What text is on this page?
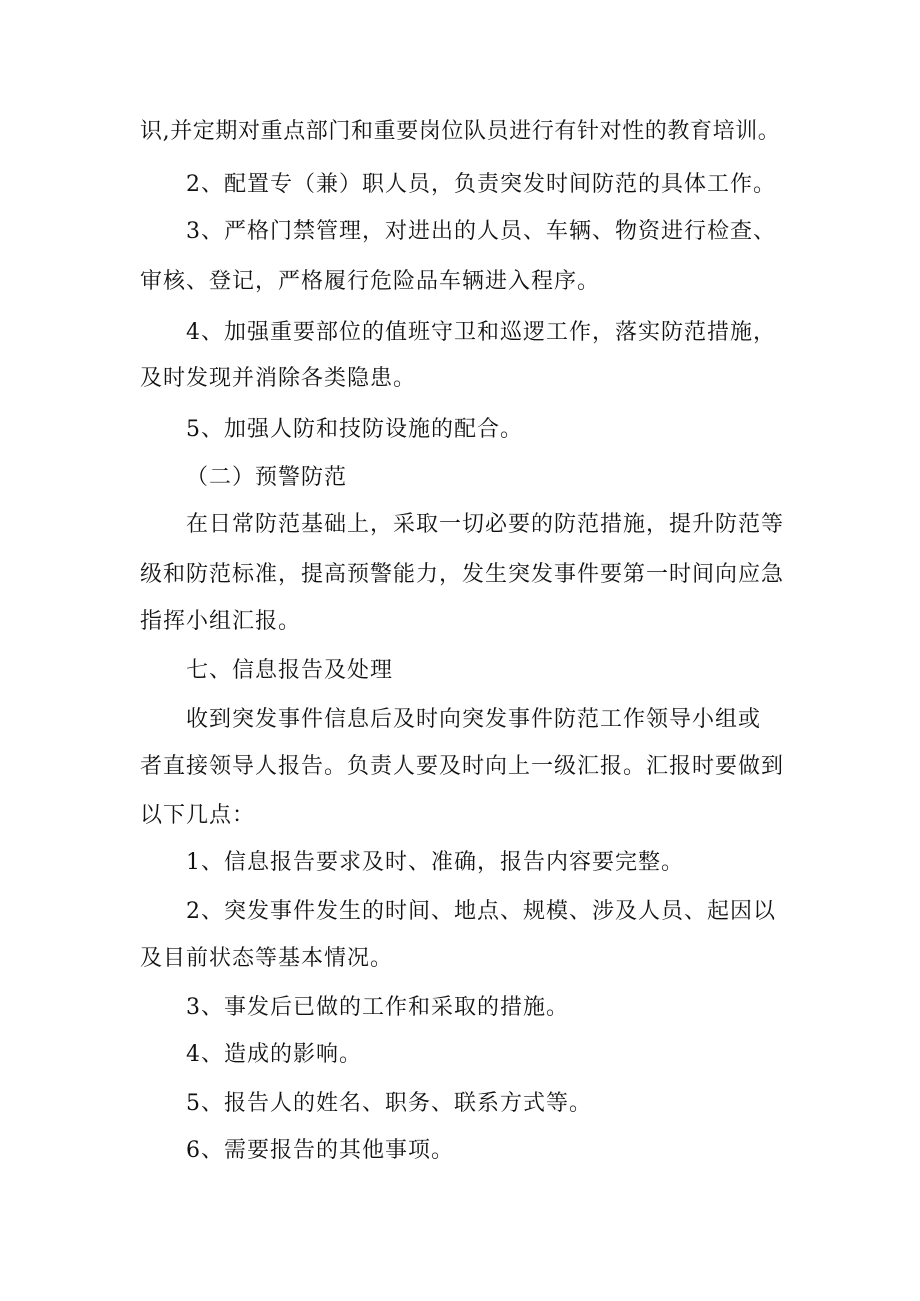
识,并定期对重点部门和重要岗位队员进行有针对性的教育培训。
2、配置专（兼）职人员，负责突发时间防范的具体工作。
3、严格门禁管理，对进出的人员、车辆、物资进行检查、
审核、登记，严格履行危险品车辆进入程序。
4、加强重要部位的值班守卫和巡逻工作，落实防范措施，
及时发现并消除各类隐患。
5、加强人防和技防设施的配合。
（二）预警防范
在日常防范基础上，采取一切必要的防范措施，提升防范等
级和防范标准，提高预警能力，发生突发事件要第一时间向应急
指挥小组汇报。
七、信息报告及处理
收到突发事件信息后及时向突发事件防范工作领导小组或
者直接领导人报告。负责人要及时向上一级汇报。汇报时要做到
以下几点：
1、信息报告要求及时、准确，报告内容要完整。
2、突发事件发生的时间、地点、规模、涉及人员、起因以
及目前状态等基本情况。
3、事发后已做的工作和采取的措施。
4、造成的影响。
5、报告人的姓名、职务、联系方式等。
6、需要报告的其他事项。
